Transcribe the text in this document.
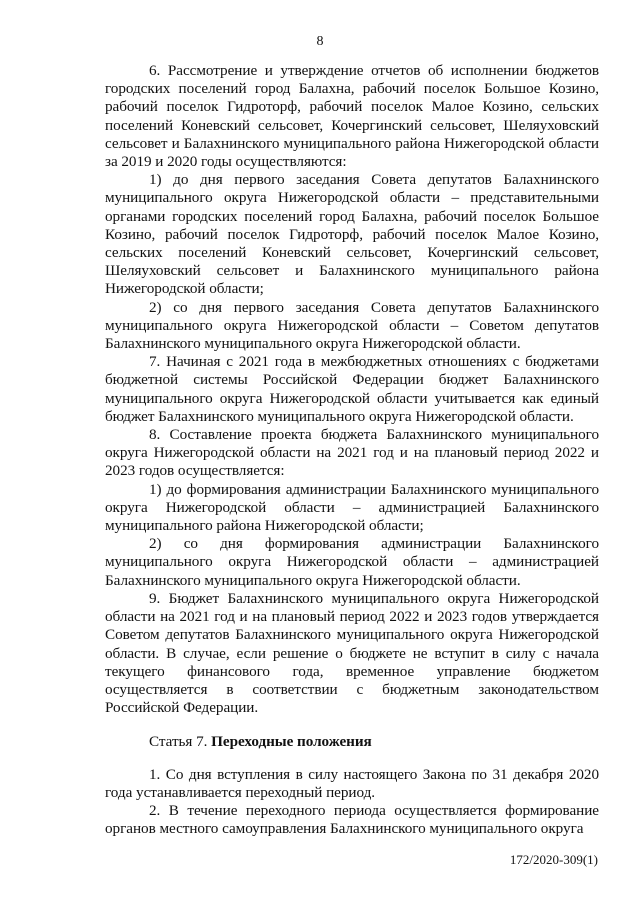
8

6. Рассмотрение и утверждение отчетов об исполнении бюджетов городских поселений город Балахна, рабочий поселок Большое Козино, рабочий поселок Гидроторф, рабочий поселок Малое Козино, сельских поселений Коневский сельсовет, Кочергинский сельсовет, Шеляуховский сельсовет и Балахнинского муниципального района Нижегородской области за 2019 и 2020 годы осуществляются:

1) до дня первого заседания Совета депутатов Балахнинского муниципального округа Нижегородской области – представительными органами городских поселений город Балахна, рабочий поселок Большое Козино, рабочий поселок Гидроторф, рабочий поселок Малое Козино, сельских поселений Коневский сельсовет, Кочергинский сельсовет, Шеляуховский сельсовет и Балахнинского муниципального района Нижегородской области;

2) со дня первого заседания Совета депутатов Балахнинского муниципального округа Нижегородской области – Советом депутатов Балахнинского муниципального округа Нижегородской области.

7. Начиная с 2021 года в межбюджетных отношениях с бюджетами бюджетной системы Российской Федерации бюджет Балахнинского муниципального округа Нижегородской области учитывается как единый бюджет Балахнинского муниципального округа Нижегородской области.

8. Составление проекта бюджета Балахнинского муниципального округа Нижегородской области на 2021 год и на плановый период 2022 и 2023 годов осуществляется:

1) до формирования администрации Балахнинского муниципального округа Нижегородской области – администрацией Балахнинского муниципального района Нижегородской области;

2) со дня формирования администрации Балахнинского муниципального округа Нижегородской области – администрацией Балахнинского муниципального округа Нижегородской области.

9. Бюджет Балахнинского муниципального округа Нижегородской области на 2021 год и на плановый период 2022 и 2023 годов утверждается Советом депутатов Балахнинского муниципального округа Нижегородской области. В случае, если решение о бюджете не вступит в силу с начала текущего финансового года, временное управление бюджетом осуществляется в соответствии с бюджетным законодательством Российской Федерации.

Статья 7. Переходные положения

1. Со дня вступления в силу настоящего Закона по 31 декабря 2020 года устанавливается переходный период.

2. В течение переходного периода осуществляется формирование органов местного самоуправления Балахнинского муниципального округа

172/2020-309(1)
